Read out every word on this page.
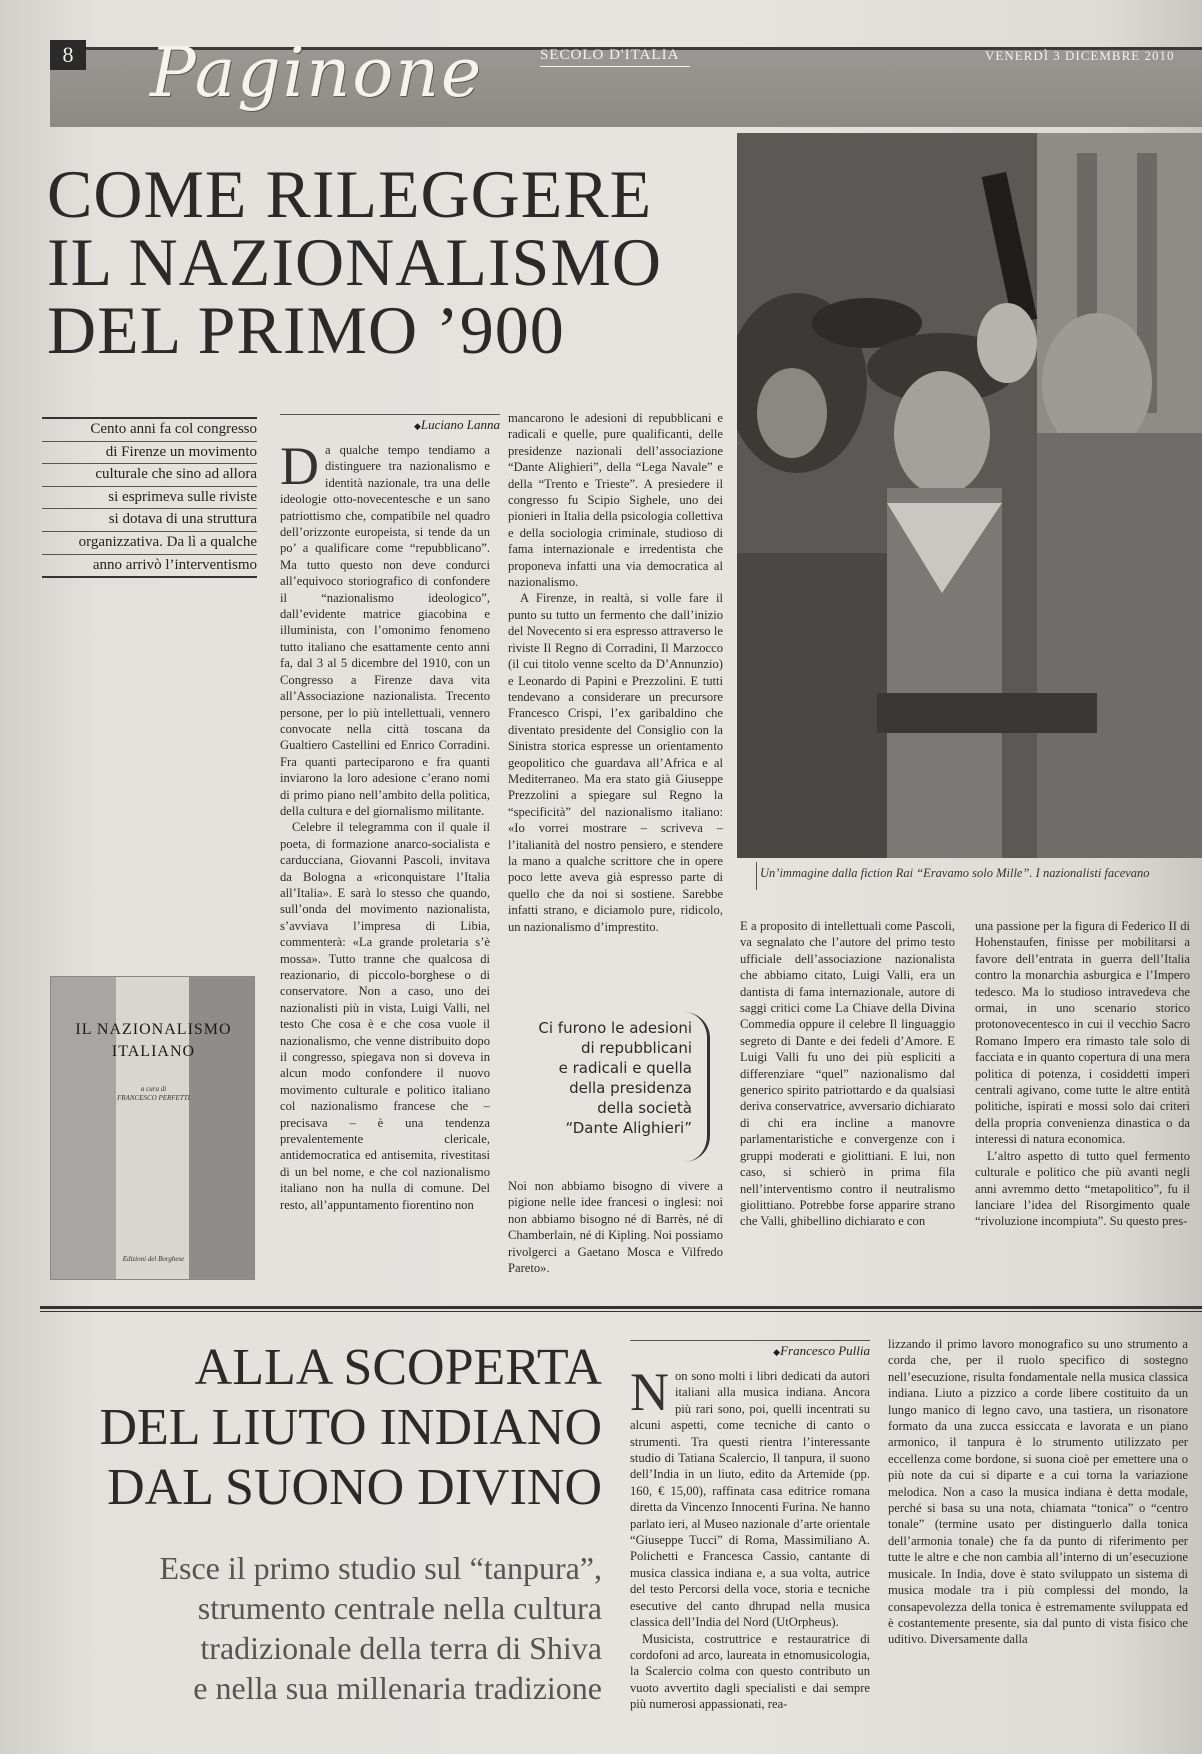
8 Paginone	SECOLO D'ITALIA	VENERDÌ 3 DICEMBRE 2010
COME RILEGGERE
IL NAZIONALISMO
DEL PRIMO ’900
Cento anni fa col congresso
di Firenze un movimento
culturale che sino ad allora
si esprimeva sulle riviste
si dotava di una struttura
organizzativa. Da lì a qualche
anno arrivò l’interventismo
◆ Luciano Lanna
D a qualche tempo tendiamo a distinguere tra nazionalismo e identità nazionale, tra una delle ideologie otto-novecentesche e un sano patriottismo che, compatibile nel quadro dell’orizzonte europeista, si tende da un po’ a qualificare come “repubblicano”. Ma tutto questo non deve condurci all’equivoco storiografico di confondere il “nazionalismo ideologico”, dall’evidente matrice giacobina e illuminista, con l’omonimo fenomeno tutto italiano che esattamente cento anni fa, dal 3 al 5 dicembre del 1910, con un Congresso a Firenze dava vita all’Associazione nazionalista. Trecento persone, per lo più intellettuali, vennero convocate nella città toscana da Gualtiero Castellini ed Enrico Corradini. Fra quanti parteciparono e fra quanti inviarono la loro adesione c’erano nomi di primo piano nell’ambito della politica, della cultura e del giornalismo militante.

Celebre il telegramma con il quale il poeta, di formazione anarco-socialista e carducciana, Giovanni Pascoli, invitava da Bologna a «riconquistare l’Italia all’Italia». E sarà lo stesso che quando, sull’onda del movimento nazionalista, s’avviava l’impresa di Libia, commenterà: «La grande proletaria s’è mossa». Tutto tranne che qualcosa di reazionario, di piccolo-borghese o di conservatore. Non a caso, uno dei nazionalisti più in vista, Luigi Valli, nel testo Che cosa è e che cosa vuole il nazionalismo, che venne distribuito dopo il congresso, spiegava non si doveva in alcun modo confondere il nuovo movimento culturale e politico italiano col nazionalismo francese che – precisava – è una tendenza prevalentemente clericale, antidemocratica ed antisemita, rivestitasi di un bel nome, e che col nazionalismo italiano non ha nulla di comune. Del resto, all’appuntamento fiorentino non

mancarono le adesioni di repubblicani e radicali e quelle, pure qualificanti, delle presidenze nazionali dell’associazione “Dante Alighieri”, della “Lega Navale” e della “Trento e Trieste”. A presiedere il congresso fu Scipio Sighele, uno dei pionieri in Italia della psicologia collettiva e della sociologia criminale, studioso di fama internazionale e irredentista che proponeva infatti una via democratica al nazionalismo.

A Firenze, in realtà, si volle fare il punto su tutto un fermento che dall’inizio del Novecento si era espresso attraverso le riviste Il Regno di Corradini, Il Marzocco (il cui titolo venne scelto da D’Annunzio) e Leonardo di Papini e Prezzolini. E tutti tendevano a considerare un precursore Francesco Crispi, l’ex garibaldino che diventato presidente del Consiglio con la Sinistra storica espresse un orientamento geopolitico che guardava all’Africa e al Mediterraneo. Ma era stato già Giuseppe Prezzolini a spiegare sul Regno la “specificità” del nazionalismo italiano: «Io vorrei mostrare – scriveva – l’italianità del nostro pensiero, e stendere la mano a qualche scrittore che in opere poco lette aveva già espresso parte di quello che da noi si sostiene. Sarebbe infatti strano, e diciamolo pure, ridicolo, un nazionalismo d’imprestito.

Un’immagine dalla fiction Rai “Eravamo solo Mille”. I nazionalisti facevano
IL NAZIONALISMO
ITALIANO
a cura di
FRANCESCO PERFETTI
Edizioni del Borghese
Ci furono le adesioni
di repubblicani
e radicali e quella
della presidenza
della società
“Dante Alighieri”
Noi non abbiamo bisogno di vivere a pigione nelle idee francesi o inglesi: noi non abbiamo bisogno né di Barrès, né di Chamberlain, né di Kipling. Noi possiamo rivolgerci a Gaetano Mosca e Vilfredo Pareto».
E a proposito di intellettuali come Pascoli, va segnalato che l’autore del primo testo ufficiale dell’associazione nazionalista che abbiamo citato, Luigi Valli, era un dantista di fama internazionale, autore di saggi critici come La Chiave della Divina Commedia oppure il celebre Il linguaggio segreto di Dante e dei fedeli d’Amore. E Luigi Valli fu uno dei più espliciti a differenziare “quel” nazionalismo dal generico spirito patriottardo e da qualsiasi deriva conservatrice, avversario dichiarato di chi era incline a manovre parlamentaristiche e convergenze con i gruppi moderati e giolittiani. E lui, non caso, si schierò in prima fila nell’interventismo contro il neutralismo giolittiano. Potrebbe forse apparire strano che Valli, ghibellino dichiarato e con
una passione per la figura di Federico II di Hohenstaufen, finisse per mobilitarsi a favore dell’entrata in guerra dell’Italia contro la monarchia asburgica e l’Impero tedesco. Ma lo studioso intravedeva che ormai, in uno scenario storico protonovecentesco in cui il vecchio Sacro Romano Impero era rimasto tale solo di facciata e in quanto copertura di una mera politica di potenza, i cosiddetti imperi centrali agivano, come tutte le altre entità politiche, ispirati e mossi solo dai criteri della propria convenienza dinastica o da interessi di natura economica.

L’altro aspetto di tutto quel fermento culturale e politico che più avanti negli anni avremmo detto “metapolitico”, fu il lanciare l’idea del Risorgimento quale “rivoluzione incompiuta”. Su questo pres-

ALLA SCOPERTA
DEL LIUTO INDIANO
DAL SUONO DIVINO
Esce il primo studio sul “tanpura”,
strumento centrale nella cultura
tradizionale della terra di Shiva
e nella sua millenaria tradizione
◆ Francesco Pullia
N on sono molti i libri dedicati da autori italiani alla musica indiana. Ancora più rari sono, poi, quelli incentrati su alcuni aspetti, come tecniche di canto o strumenti. Tra questi rientra l’interessante studio di Tatiana Scalercio, Il tanpura, il suono dell’India in un liuto, edito da Artemide (pp. 160, € 15,00), raffinata casa editrice romana diretta da Vincenzo Innocenti Furina. Ne hanno parlato ieri, al Museo nazionale d’arte orientale “Giuseppe Tucci” di Roma, Massimiliano A. Polichetti e Francesca Cassio, cantante di musica classica indiana e, a sua volta, autrice del testo Percorsi della voce, storia e tecniche esecutive del canto dhrupad nella musica classica dell’India del Nord (UtOrpheus).

Musicista, costruttrice e restauratrice di cordofoni ad arco, laureata in etnomusicologia, la Scalercio colma con questo contributo un vuoto avvertito dagli specialisti e dai sempre più numerosi appassionati, rea-

lizzando il primo lavoro monografico su uno strumento a corda che, per il ruolo specifico di sostegno nell’esecuzione, risulta fondamentale nella musica classica indiana. Liuto a pizzico a corde libere costituito da un lungo manico di legno cavo, una tastiera, un risonatore formato da una zucca essiccata e lavorata e un piano armonico, il tanpura è lo strumento utilizzato per eccellenza come bordone, si suona cioè per emettere una o più note da cui si diparte e a cui torna la variazione melodica. Non a caso la musica indiana è detta modale, perché si basa su una nota, chiamata “tonica” o “centro tonale” (termine usato per distinguerlo dalla tonica dell’armonia tonale) che fa da punto di riferimento per tutte le altre e che non cambia all’interno di un’esecuzione musicale. In India, dove è stato sviluppato un sistema di musica modale tra i più complessi del mondo, la consapevolezza della tonica è estremamente sviluppata ed è costantemente presente, sia dal punto di vista fisico che uditivo. Diversamente dalla
